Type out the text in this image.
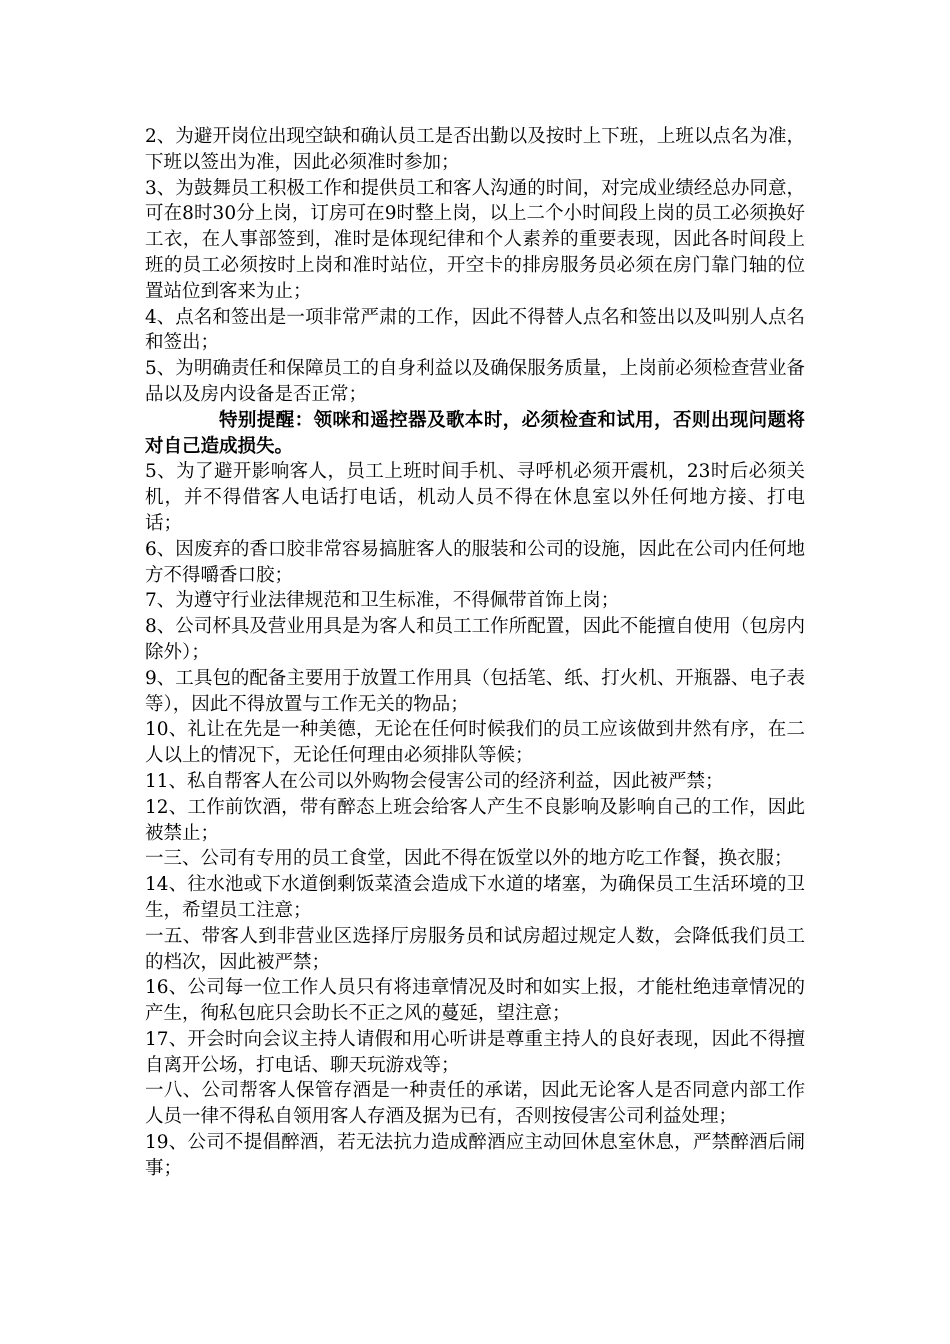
2、为避开岗位出现空缺和确认员工是否出勤以及按时上下班，上班以点名为准，下班以签出为准，因此必须准时参加；

3、为鼓舞员工积极工作和提供员工和客人沟通的时间，对完成业绩经总办同意，可在8时30分上岗，订房可在9时整上岗，以上二个小时间段上岗的员工必须换好工衣，在人事部签到，准时是体现纪律和个人素养的重要表现，因此各时间段上班的员工必须按时上岗和准时站位，开空卡的排房服务员必须在房门靠门轴的位置站位到客来为止；

4、点名和签出是一项非常严肃的工作，因此不得替人点名和签出以及叫别人点名和签出；

5、为明确责任和保障员工的自身利益以及确保服务质量，上岗前必须检查营业备品以及房内设备是否正常；

特别提醒：领咪和遥控器及歌本时，必须检查和试用，否则出现问题将对自己造成损失。

5、为了避开影响客人，员工上班时间手机、寻呼机必须开震机，23时后必须关机，并不得借客人电话打电话，机动人员不得在休息室以外任何地方接、打电话；

6、因废弃的香口胶非常容易搞脏客人的服装和公司的设施，因此在公司内任何地方不得嚼香口胶；

7、为遵守行业法律规范和卫生标准，不得佩带首饰上岗；

8、公司杯具及营业用具是为客人和员工工作所配置，因此不能擅自使用（包房内除外）；

9、工具包的配备主要用于放置工作用具（包括笔、纸、打火机、开瓶器、电子表等），因此不得放置与工作无关的物品；

10、礼让在先是一种美德，无论在任何时候我们的员工应该做到井然有序，在二人以上的情况下，无论任何理由必须排队等候；

11、私自帮客人在公司以外购物会侵害公司的经济利益，因此被严禁；

12、工作前饮酒，带有醉态上班会给客人产生不良影响及影响自己的工作，因此被禁止；

一三、公司有专用的员工食堂，因此不得在饭堂以外的地方吃工作餐，换衣服；

14、往水池或下水道倒剩饭菜渣会造成下水道的堵塞，为确保员工生活环境的卫生，希望员工注意；

一五、带客人到非营业区选择厅房服务员和试房超过规定人数，会降低我们员工的档次，因此被严禁；

16、公司每一位工作人员只有将违章情况及时和如实上报，才能杜绝违章情况的产生，徇私包庇只会助长不正之风的蔓延，望注意；

17、开会时向会议主持人请假和用心听讲是尊重主持人的良好表现，因此不得擅自离开公场，打电话、聊天玩游戏等；

一八、公司帮客人保管存酒是一种责任的承诺，因此无论客人是否同意内部工作人员一律不得私自领用客人存酒及据为已有，否则按侵害公司利益处理；

19、公司不提倡醉酒，若无法抗力造成醉酒应主动回休息室休息，严禁醉酒后闹事；
